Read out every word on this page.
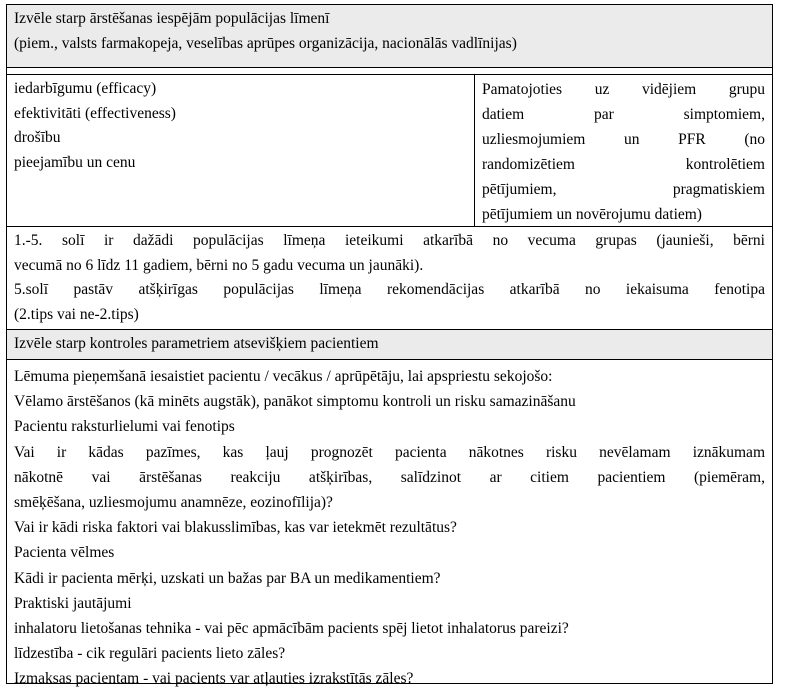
Izvēle starp ārstēšanas iespējām populācijas līmenī
(piem., valsts farmakopeja, veselības aprūpes organizācija, nacionālās vadlīnijas)
iedarbīgumu (efficacy)
efektivitāti (effectiveness)
drošību
pieejamību un cenu
Pamatojoties uz vidējiem grupu
datiem par simptomiem,
uzliesmojumiem un PFR (no
randomizētiem kontrolētiem
pētījumiem, pragmatiskiem
pētījumiem un novērojumu datiem)
1.-5. solī ir dažādi populācijas līmeņa ieteikumi atkarībā no vecuma grupas (jaunieši, bērni
vecumā no 6 līdz 11 gadiem, bērni no 5 gadu vecuma un jaunāki).
5.solī pastāv atšķirīgas populācijas līmeņa rekomendācijas atkarībā no iekaisuma fenotipa
(2.tips vai ne-2.tips)
Izvēle starp kontroles parametriem atsevišķiem pacientiem
Lēmuma pieņemšanā iesaistiet pacientu / vecākus / aprūpētāju, lai apspriestu sekojošo:
Vēlamo ārstēšanos (kā minēts augstāk), panākot simptomu kontroli un risku samazināšanu
Pacientu raksturlielumi vai fenotips
Vai ir kādas pazīmes, kas ļauj prognozēt pacienta nākotnes risku nevēlamam iznākumam
nākotnē vai ārstēšanas reakciju atšķirības, salīdzinot ar citiem pacientiem (piemēram,
smēķēšana, uzliesmojumu anamnēze, eozinofīlija)?
Vai ir kādi riska faktori vai blakusslimības, kas var ietekmēt rezultātus?
Pacienta vēlmes
Kādi ir pacienta mērķi, uzskati un bažas par BA un medikamentiem?
Praktiski jautājumi
inhalatoru lietošanas tehnika - vai pēc apmācībām pacients spēj lietot inhalatorus pareizi?
līdzestība - cik regulāri pacients lieto zāles?
Izmaksas pacientam - vai pacients var atļauties izrakstītās zāles?
